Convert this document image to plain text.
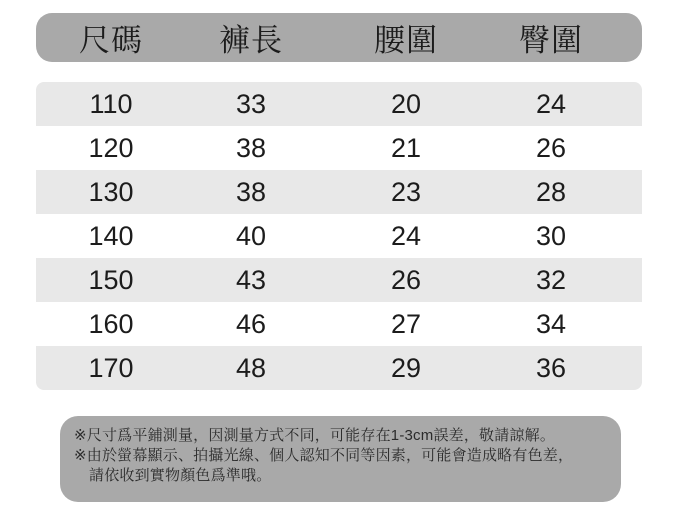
尺碼	褲長	腰圍	臀圍
110	33	20	24
120	38	21	26
130	38	23	28
140	40	24	30
150	43	26	32
160	46	27	34
170	48	29	36
※尺寸爲平鋪測量，因測量方式不同，可能存在1-3cm誤差，敬請諒解。
※由於螢幕顯示、拍攝光線、個人認知不同等因素，可能會造成略有色差，
請依收到實物顏色爲準哦。
